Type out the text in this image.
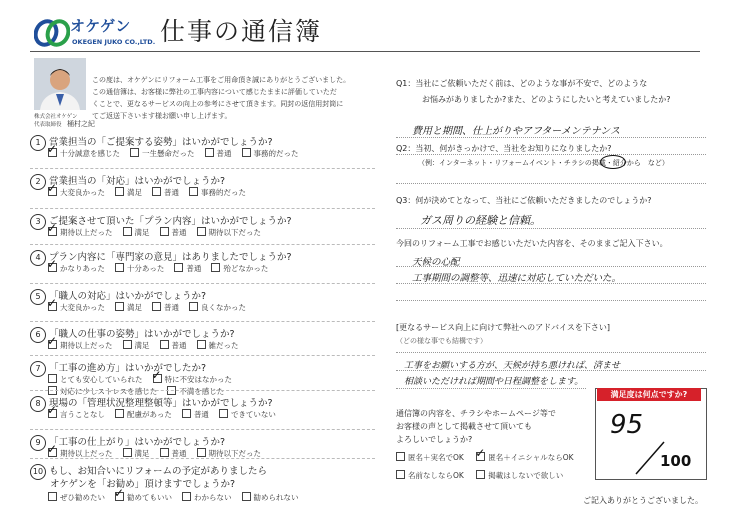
オケゲン
OKEGEN JUKO CO.,LTD. 仕事の通信簿
株式会社オケゲン
代表取締役　 桶村之紀
この度は、オケゲンにリフォーム工事をご用命頂き誠にありがとうございました。
この通信簿は、お客様に弊社の工事内容について感じたままに評価していただ
くことで、更なるサービスの向上の参考にさせて頂きます。同封の返信用封筒に
てご返送下さいます様お願い申し上げます。
1 営業担当の「ご提案する姿勢」はいかがでしょうか?
✓十分誠意を感じた	一生懸命だった	普通	事務的だった
2 営業担当の「対応」はいかがでしょうか?
✓大変良かった	満足	普通	事務的だった
3 ご提案させて頂いた「プラン内容」はいかがでしょうか?
✓期待以上だった	満足	普通	期待以下だった
4 プラン内容に「専門家の意見」はありましたでしょうか?
✓かなりあった	十分あった	普通	殆どなかった
5 「職人の対応」はいかがでしょうか?
✓大変良かった	満足	普通	良くなかった
6 「職人の仕事の姿勢」はいかがでしょうか?
✓期待以上だった	満足	普通	雑だった
7 「工事の進め方」はいかがでしたか?
とても安心していられた ✓	特に不安はなかった
対応に少しストレスを感じた	不満を感じた
8 現場の「管理状況整理整頓等」はいかがでしょうか?
✓言うことなし	配慮があった	普通	できていない
9 「工事の仕上がり」はいかがでしょうか?
✓期待以上だった	満足	普通	期待以下だった
10 もし、お知合いにリフォームの予定がありましたら
オケゲンを「お勧め」頂けますでしょうか?
ぜひ勧めたい ✓	勧めてもいい	わからない	勧められない
Q1：当社にご依頼いただく前は、どのような事が不安で、どのような
お悩みがありましたか?また、どのようにしたいと考えていましたか?
費用と期間、仕上がりやアフターメンテナンス
Q2：当初、何がきっかけで、当社をお知りになりましたか?
（例：インターネット・リフォームイベント・チラシの掲載・紹介から　など）
Q3：何が決めてとなって、当社にご依頼いただきましたのでしょうか?
ガス周りの経験と信頼。
今回のリフォーム工事でお感じいただいた内容を、そのままご記入下さい。
天候の心配
工事期間の調整等、迅速に対応していただいた。
[更なるサービス向上に向けて弊社へのアドバイスを下さい]
（どの様な事でも結構です）
工事をお願いする方が、天候が持ち悪ければ、済ませ
相談いただければ期間や日程調整をします。
通信簿の内容を、チラシやホームページ等で
お客様の声として掲載させて頂いても
よろしいでしょうか?
匿名＋実名でOK ✓	匿名＋イニシャルならOK
名前なしならOK	掲載はしないで欲しい
満足度は何点ですか?
95
100
ご記入ありがとうございました。
